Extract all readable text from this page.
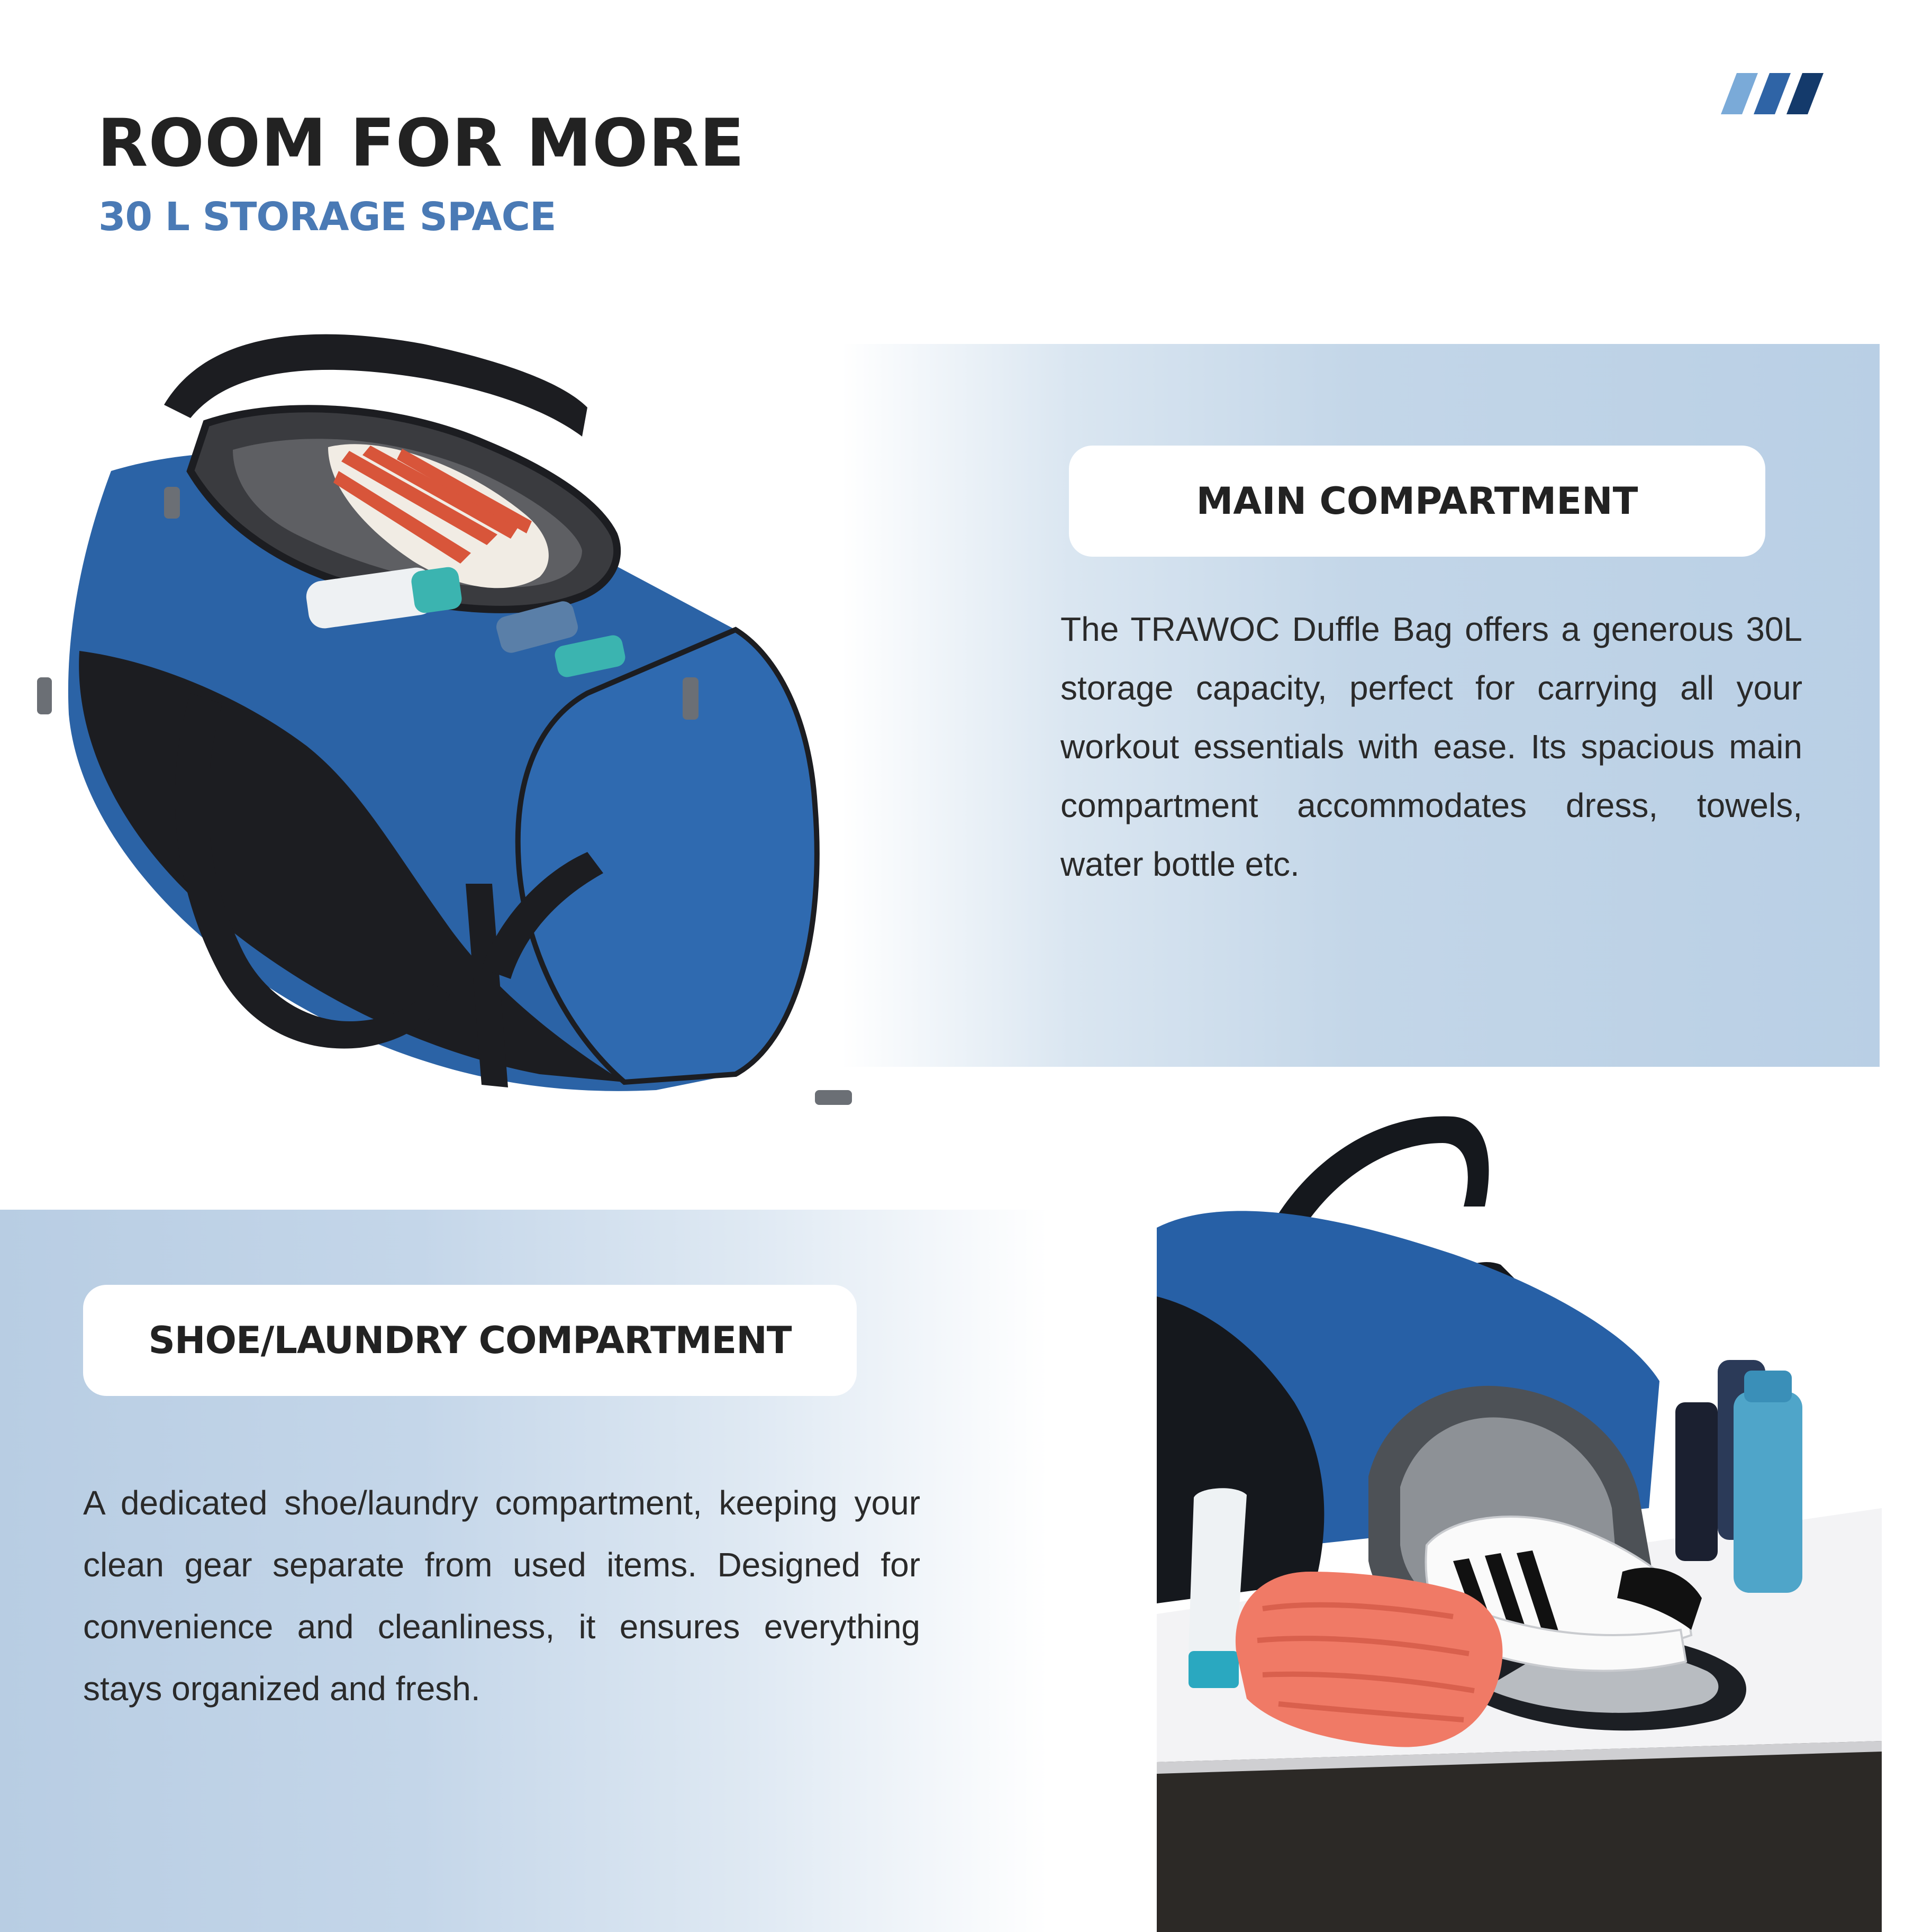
ROOM FOR MORE
30 L STORAGE SPACE
MAIN COMPARTMENT

The TRAWOC Duffle Bag offers a generous 30L storage capacity, perfect for carrying all your workout essentials with ease. Its spacious main compartment accommodates dress, towels, water bottle etc.

SHOE/LAUNDRY COMPARTMENT

A dedicated shoe/laundry compartment, keeping your clean gear separate from used items. Designed for convenience and cleanliness, it ensures everything stays organized and fresh.
